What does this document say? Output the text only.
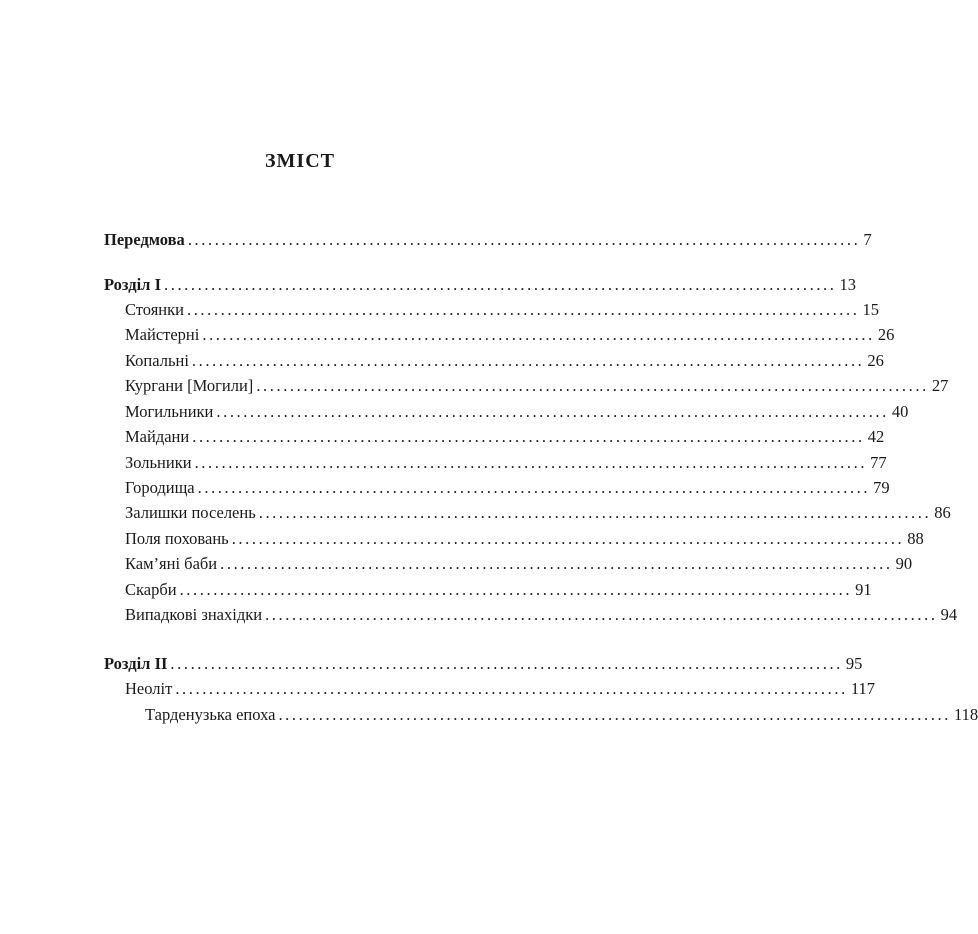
ЗМІСТ
Передмова .................................................................................................... 7
Розділ І .................................................................................................... 13
Стоянки .................................................................................................... 15
Майстерні .................................................................................................... 26
Копальні .................................................................................................... 26
Кургани [Могили] .................................................................................................... 27
Могильники .................................................................................................... 40
Майдани .................................................................................................... 42
Зольники .................................................................................................... 77
Городища .................................................................................................... 79
Залишки поселень .................................................................................................... 86
Поля поховань .................................................................................................... 88
Кам’яні баби .................................................................................................... 90
Скарби .................................................................................................... 91
Випадкові знахідки .................................................................................................... 94
Розділ ІІ .................................................................................................... 95
Неоліт .................................................................................................... 117
Тарденузька епоха .................................................................................................... 118
